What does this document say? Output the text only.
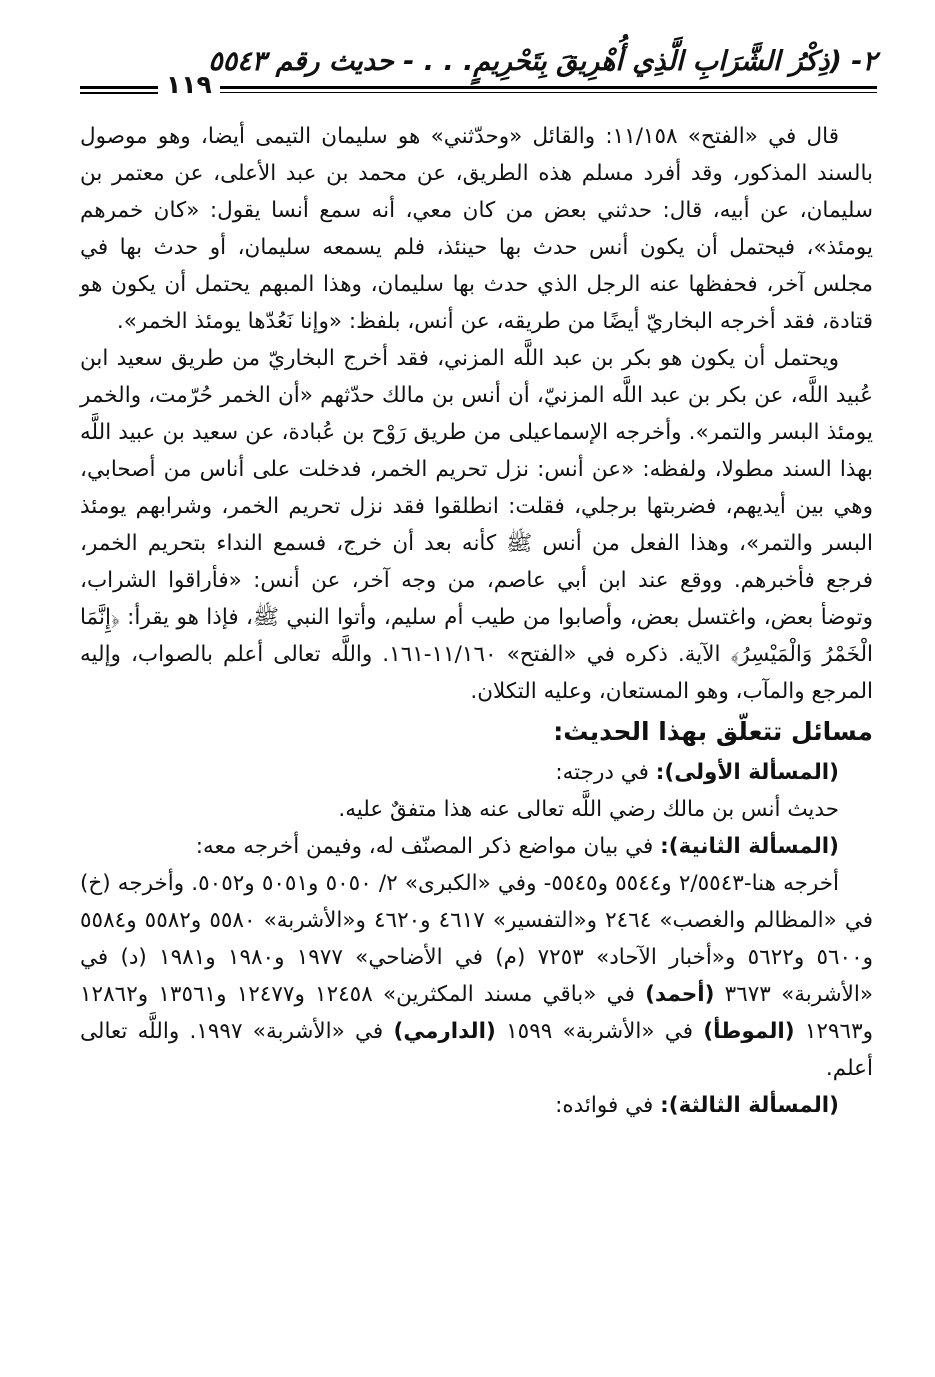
٢- (ذِكْرُ الشَّرَابِ الَّذِي أُهْرِيقَ بِتَحْرِيمٍ. . . - حديث رقم ٥٥٤٣
١١٩

قال في «الفتح» ١١/١٥٨: والقائل «وحدّثني» هو سليمان التيمى أيضا، وهو موصول بالسند المذكور، وقد أفرد مسلم هذه الطريق، عن محمد بن عبد الأعلى، عن معتمر بن سليمان، عن أبيه، قال: حدثني بعض من كان معي، أنه سمع أنسا يقول: «كان خمرهم يومئذ»، فيحتمل أن يكون أنس حدث بها حينئذ، فلم يسمعه سليمان، أو حدث بها في مجلس آخر، فحفظها عنه الرجل الذي حدث بها سليمان، وهذا المبهم يحتمل أن يكون هو قتادة، فقد أخرجه البخاريّ أيضًا من طريقه، عن أنس، بلفظ: «وإنا نَعُدّها يومئذ الخمر».

ويحتمل أن يكون هو بكر بن عبد اللَّه المزني، فقد أخرج البخاريّ من طريق سعيد ابن عُبيد اللَّه، عن بكر بن عبد اللَّه المزنيّ، أن أنس بن مالك حدّثهم «أن الخمر حُرّمت، والخمر يومئذ البسر والتمر». وأخرجه الإسماعيلى من طريق رَوْح بن عُبادة، عن سعيد بن عبيد اللَّه بهذا السند مطولا، ولفظه: «عن أنس: نزل تحريم الخمر، فدخلت على أناس من أصحابي، وهي بين أيديهم، فضربتها برجلي، فقلت: انطلقوا فقد نزل تحريم الخمر، وشرابهم يومئذ البسر والتمر»، وهذا الفعل من أنس ﷺ كأنه بعد أن خرج، فسمع النداء بتحريم الخمر، فرجع فأخبرهم. ووقع عند ابن أبي عاصم، من وجه آخر، عن أنس: «فأراقوا الشراب، وتوضأ بعض، واغتسل بعض، وأصابوا من طيب أم سليم، وأتوا النبي ﷺ، فإذا هو يقرأ: ﴿إِنَّمَا الْخَمْرُ وَالْمَيْسِرُ﴾ الآية. ذكره في «الفتح» ١١/١٦٠-١٦١. واللَّه تعالى أعلم بالصواب، وإليه المرجع والمآب، وهو المستعان، وعليه التكلان.

مسائل تتعلّق بهذا الحديث:

(المسألة الأولى): في درجته:

حديث أنس بن مالك رضي اللَّه تعالى عنه هذا متفقٌ عليه.

(المسألة الثانية): في بيان مواضع ذكر المصنّف له، وفيمن أخرجه معه:

أخرجه هنا-٢/٥٥٤٣ و٥٥٤٤ و٥٥٤٥- وفي «الكبرى» ٢/ ٥٠٥٠ و٥٠٥١ و٥٠٥٢. وأخرجه (خ) في «المظالم والغصب» ٢٤٦٤ و«التفسير» ٤٦١٧ و٤٦٢٠ و«الأشربة» ٥٥٨٠ و٥٥٨٢ و٥٥٨٤ و٥٦٠٠ و٥٦٢٢ و«أخبار الآحاد» ٧٢٥٣ (م) في الأضاحي» ١٩٧٧ و١٩٨٠ و١٩٨١ (د) في «الأشربة» ٣٦٧٣ (أحمد) في «باقي مسند المكثرين» ١٢٤٥٨ و١٢٤٧٧ و١٣٥٦١ و١٢٨٦٢ و١٢٩٦٣ (الموطأ) في «الأشربة» ١٥٩٩ (الدارمي) في «الأشربة» ١٩٩٧. واللَّه تعالى أعلم.

(المسألة الثالثة): في فوائده:
